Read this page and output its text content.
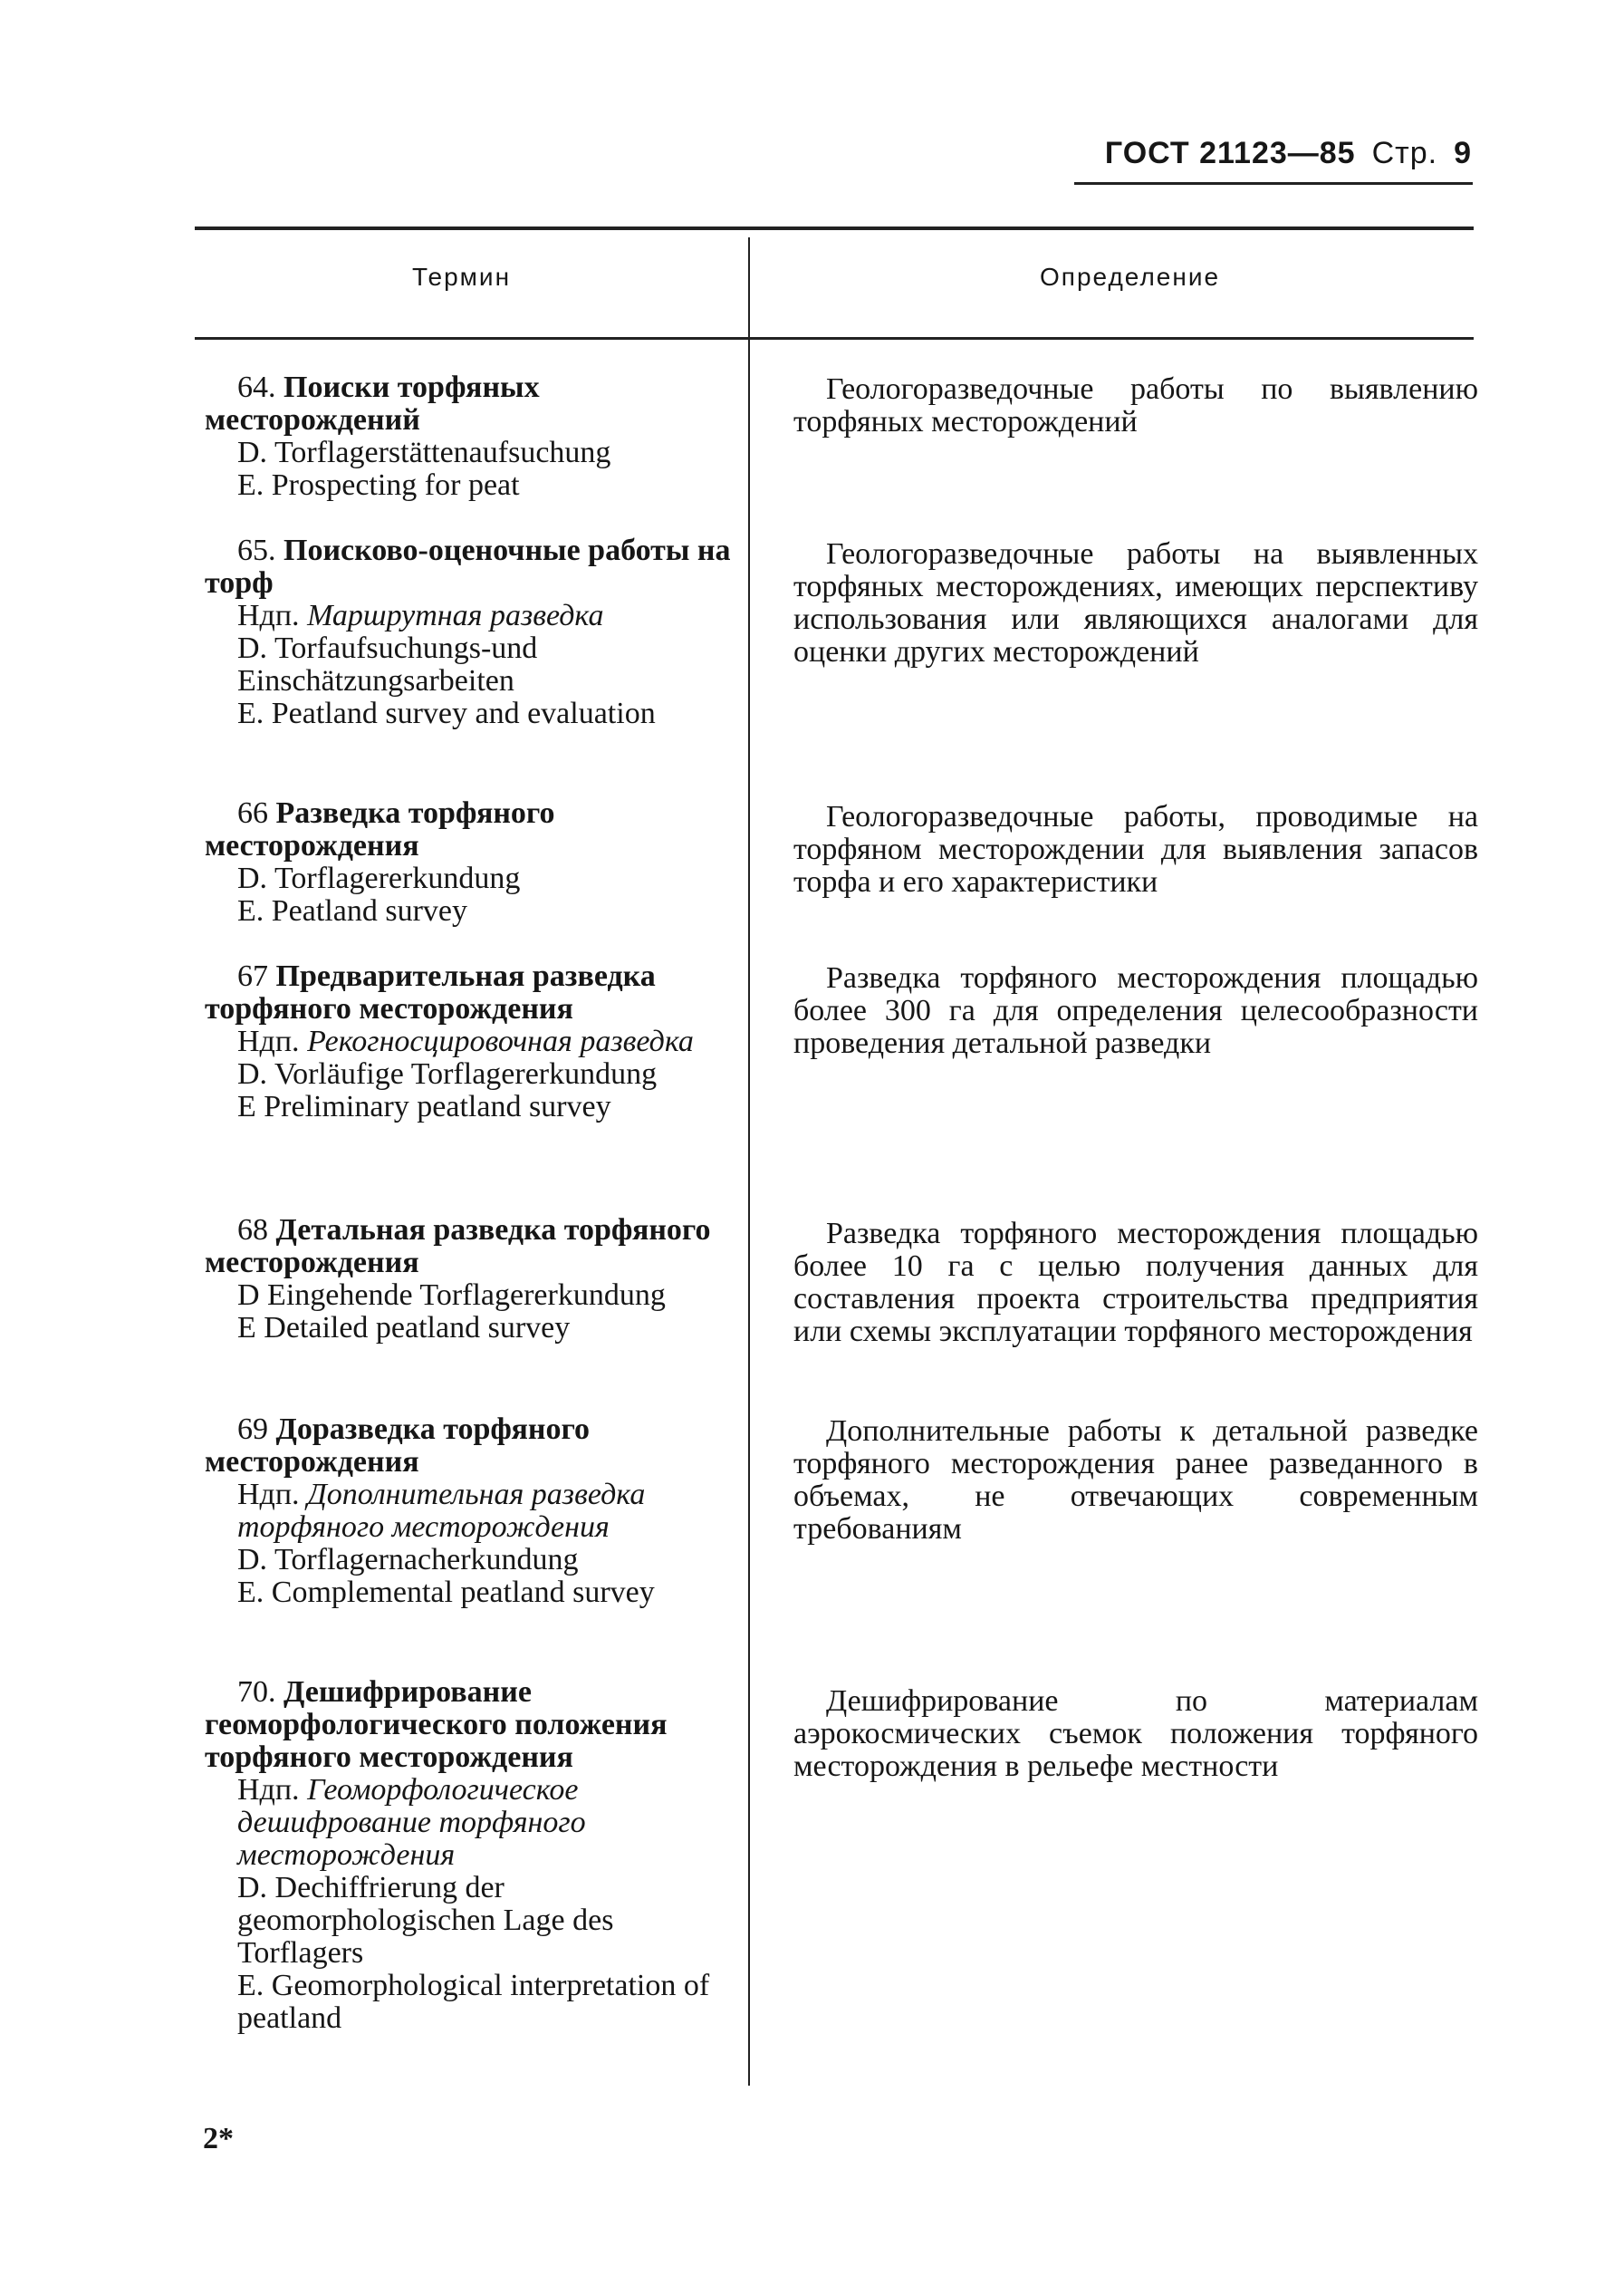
ГОСТ 21123—85 Стр. 9
Термин	Определение

64. Поиски торфяных месторождений

D. Torflagerstättenaufsuchung

E. Prospecting for peat

Геологоразведочные работы по выявлению торфяных месторождений

65. Поисково-оценочные работы на торф

Ндп. Маршрутная разведка

D. Torfaufsuchungs-und Einschätzungsarbeiten

E. Peatland survey and evaluation

Геологоразведочные работы на выявленных торфяных месторождениях, имеющих перспективу использования или являющихся аналогами для оценки других месторождений

66 Разведка торфяного месторождения

D. Torflagererkundung

E. Peatland survey

Геологоразведочные работы, проводимые на торфяном месторождении для выявления запасов торфа и его характеристики

67 Предварительная разведка торфяного месторождения

Ндп. Рекогносцировочная разведка

D. Vorläufige Torflagererkundung

E Preliminary peatland survey

Разведка торфяного месторождения площадью более 300 га для определения целесообразности проведения детальной разведки

68 Детальная разведка торфяного месторождения

D Eingehende Torflagererkundung

E Detailed peatland survey

Разведка торфяного месторождения площадью более 10 га с целью получения данных для составления проекта строительства предприятия или схемы эксплуатации торфяного месторождения

69 Доразведка торфяного месторождения

Ндп. Дополнительная разведка торфяного месторождения

D. Torflagernacherkundung

E. Complemental peatland survey

Дополнительные работы к детальной разведке торфяного месторождения ранее разведанного в объемах, не отвечающих современным требованиям

70. Дешифрирование геоморфологического положения торфяного месторождения

Ндп. Геоморфологическое дешифрование торфяного месторождения

D. Dechiffrierung der geomorphologischen Lage des Torflagers

E. Geomorphological interpretation of peatland

Дешифрирование по материалам аэрокосмических съемок положения торфяного месторождения в рельефе местности
2*
